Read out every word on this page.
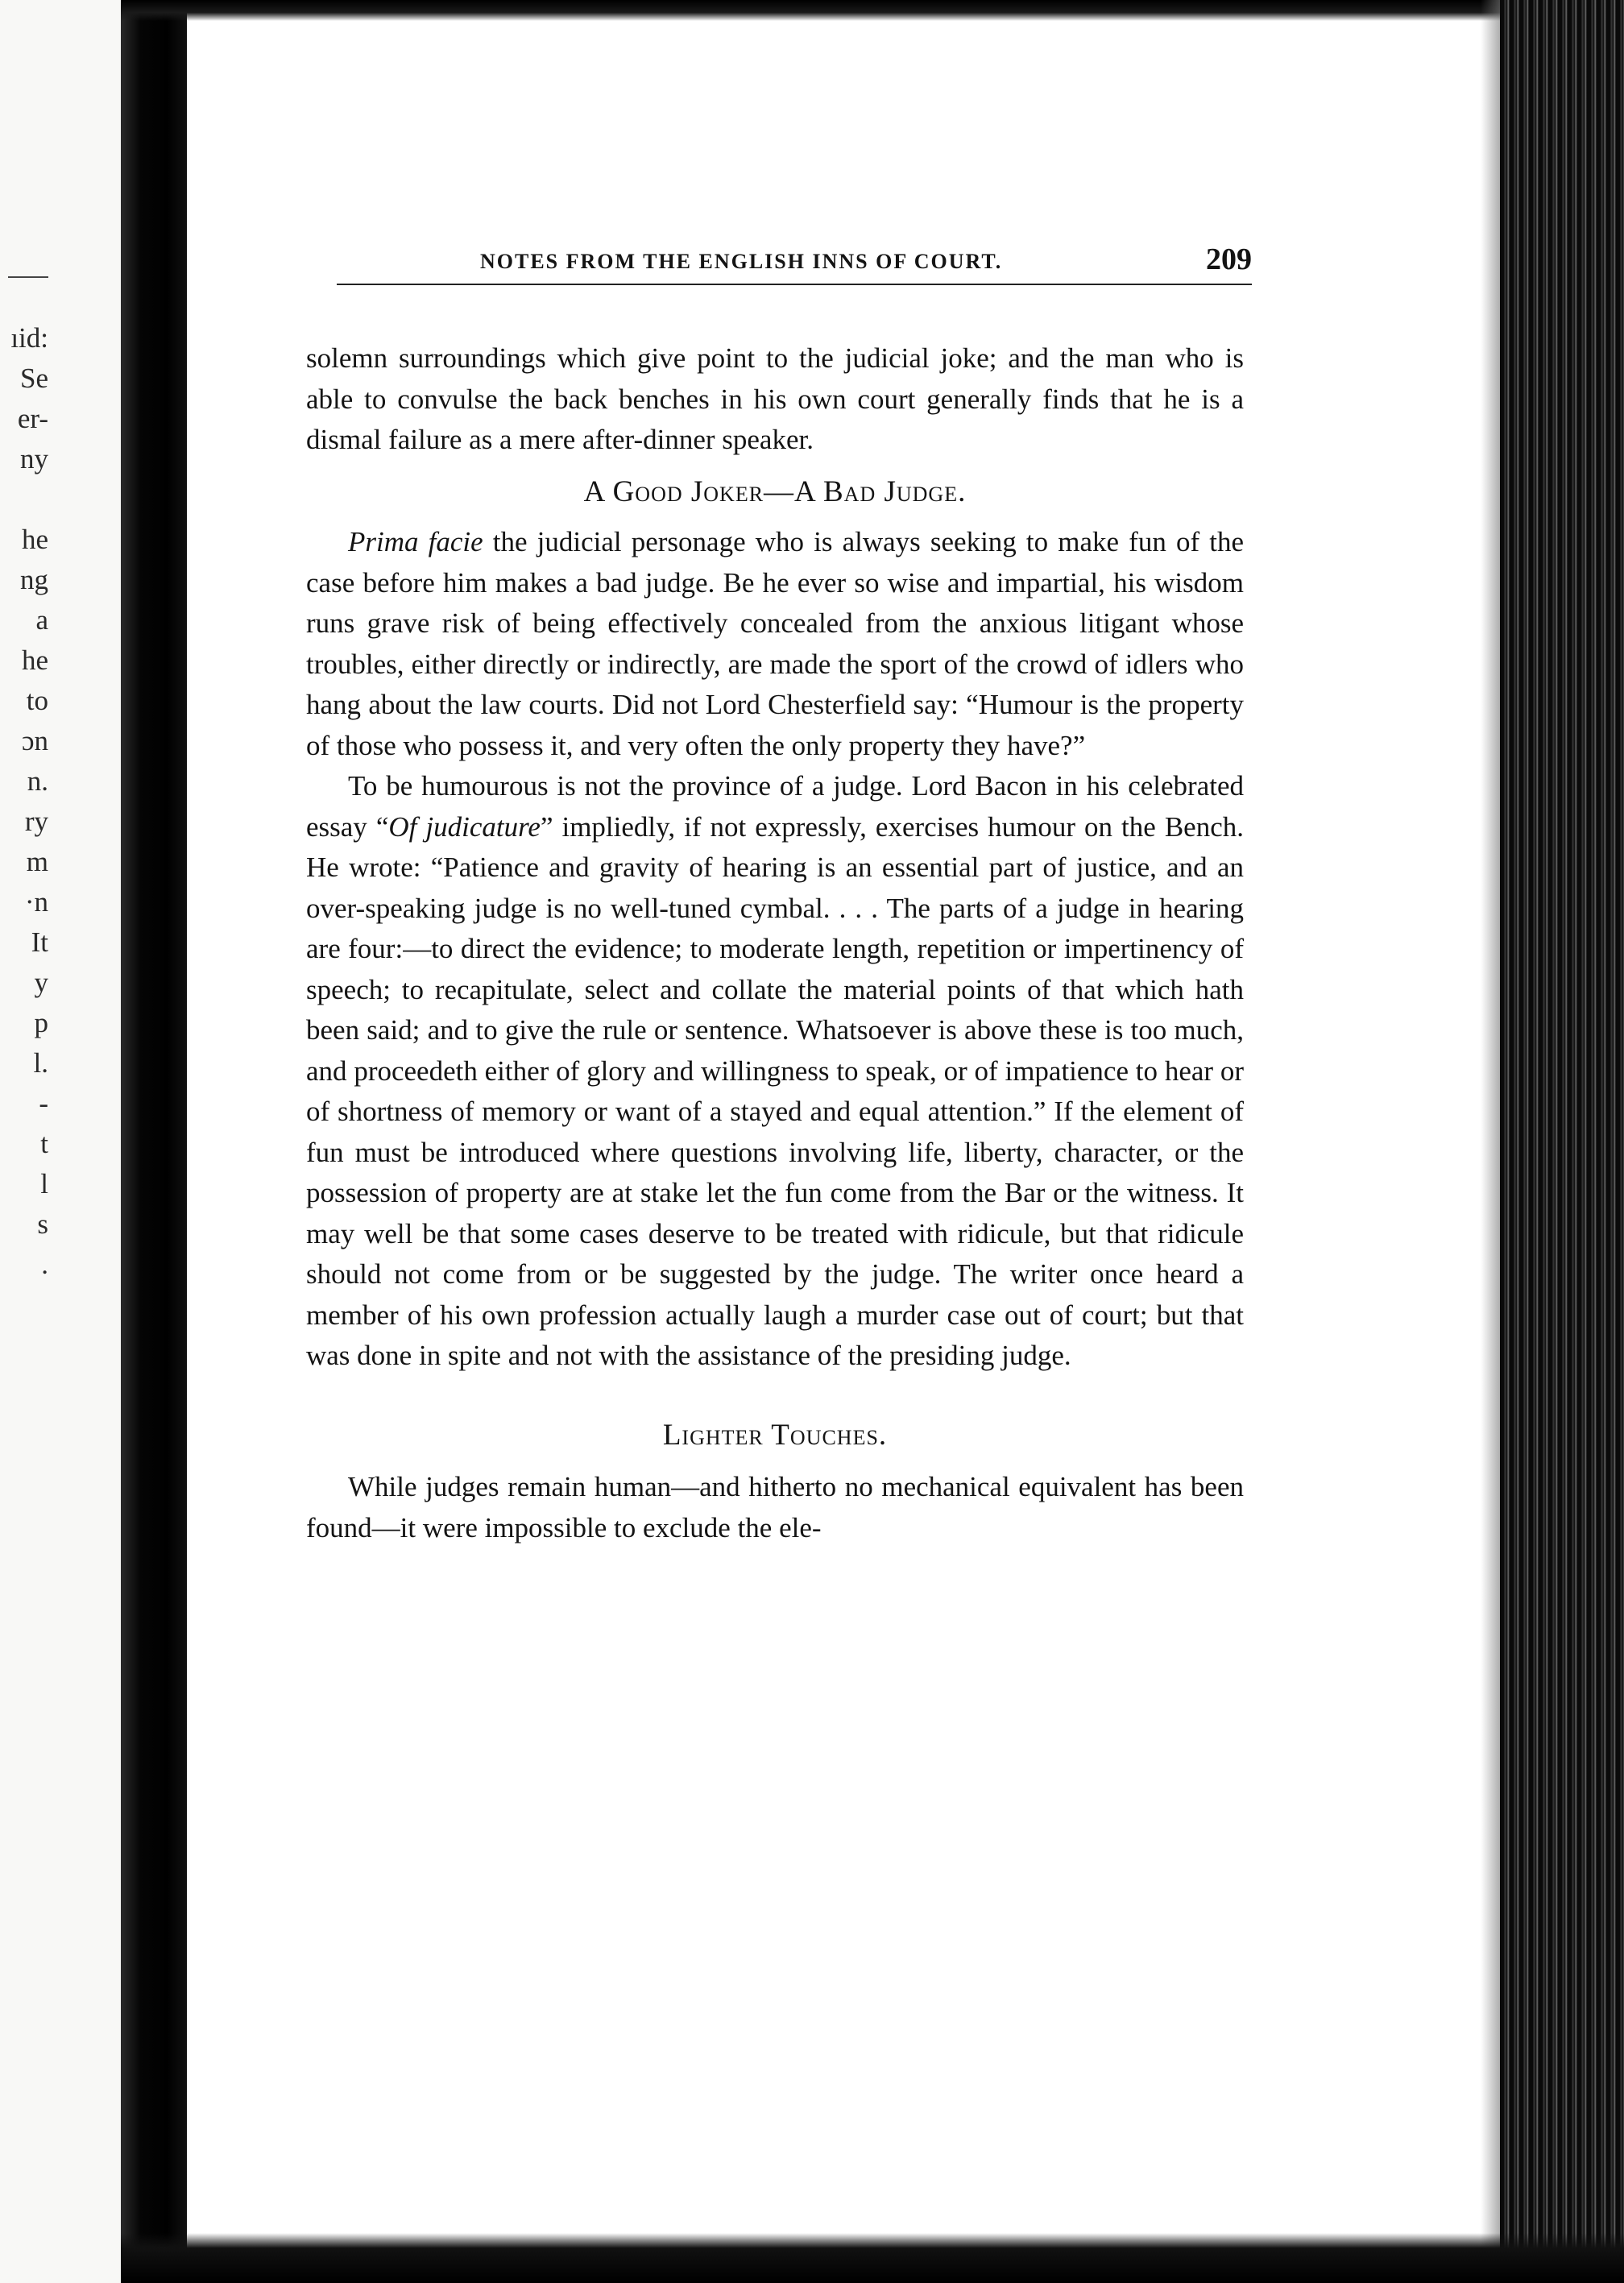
ıid:
Se
er-
ny

he
ng
a
he
to
ɔn
n.
ry
m
·n
It
y
p
l.
-
t
l
s
.
NOTES FROM THE ENGLISH INNS OF COURT.	209

solemn surroundings which give point to the judicial joke; and the man who is able to convulse the back benches in his own court generally finds that he is a dismal failure as a mere after-dinner speaker.

A Good Joker—A Bad Judge.

Prima facie the judicial personage who is always seeking to make fun of the case before him makes a bad judge. Be he ever so wise and impartial, his wisdom runs grave risk of being effectively concealed from the anxious litigant whose troubles, either directly or indirectly, are made the sport of the crowd of idlers who hang about the law courts. Did not Lord Chesterfield say: “Humour is the property of those who possess it, and very often the only property they have?”

To be humourous is not the province of a judge. Lord Bacon in his celebrated essay “Of judicature” impliedly, if not expressly, exercises humour on the Bench. He wrote: “Patience and gravity of hearing is an essential part of justice, and an over-speaking judge is no well-tuned cymbal. . . . The parts of a judge in hearing are four:—to direct the evidence; to moderate length, repetition or impertinency of speech; to recapitulate, select and collate the material points of that which hath been said; and to give the rule or sentence. Whatsoever is above these is too much, and proceedeth either of glory and willingness to speak, or of impatience to hear or of shortness of memory or want of a stayed and equal attention.” If the element of fun must be introduced where questions involving life, liberty, character, or the possession of property are at stake let the fun come from the Bar or the witness. It may well be that some cases deserve to be treated with ridicule, but that ridicule should not come from or be suggested by the judge. The writer once heard a member of his own profession actually laugh a murder case out of court; but that was done in spite and not with the assistance of the presiding judge.

Lighter Touches.

While judges remain human—and hitherto no mechanical equivalent has been found—it were impossible to exclude the ele-
